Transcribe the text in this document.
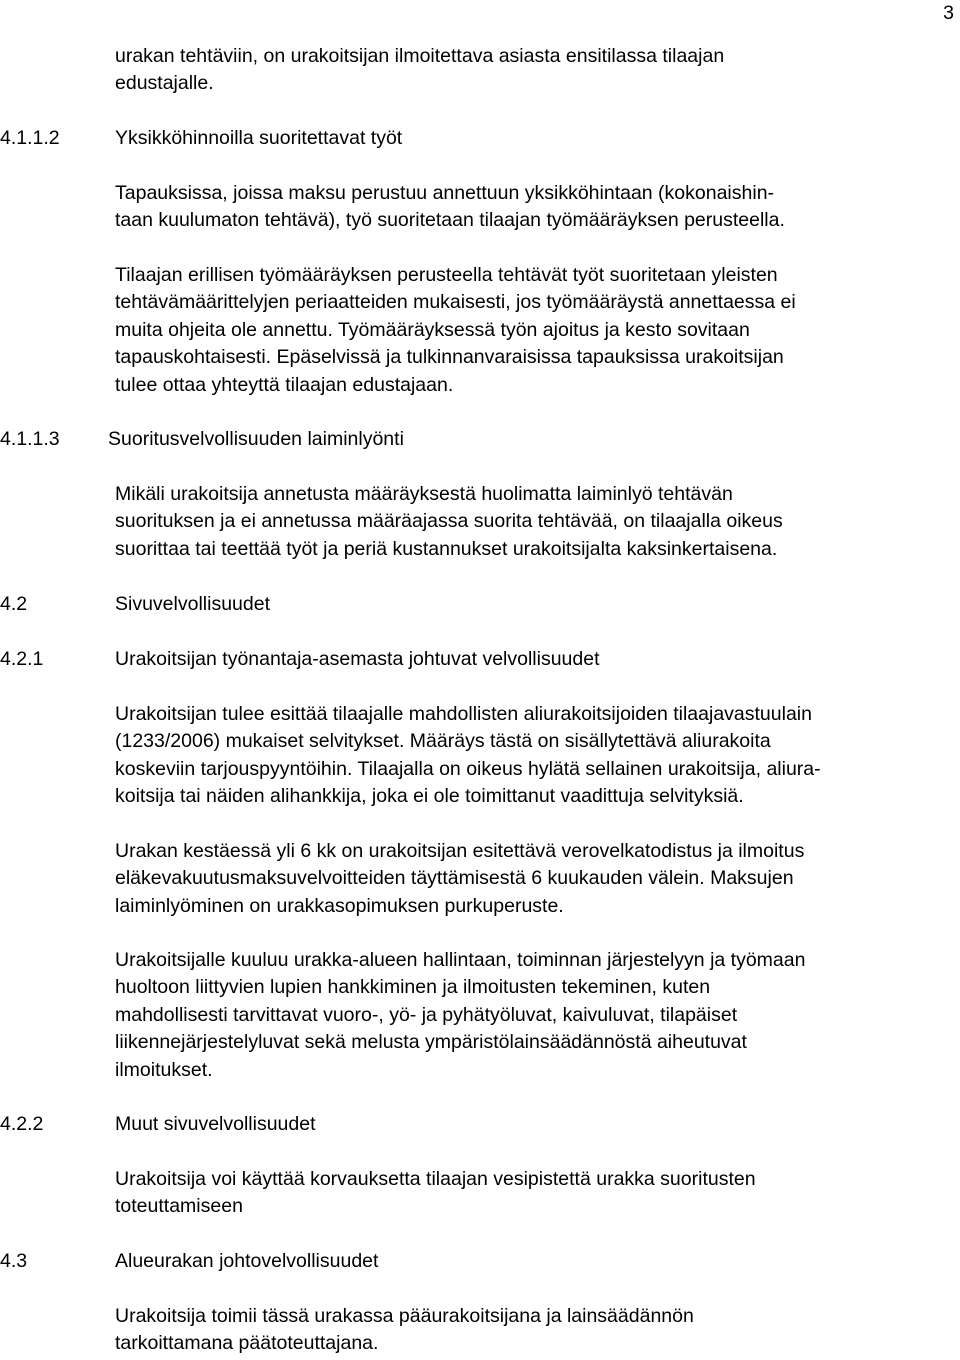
3

urakan tehtäviin, on urakoitsijan ilmoitettava asiasta ensitilassa tilaajan
edustajalle.

4.1.1.2	Yksikköhinnoilla suoritettavat työt

Tapauksissa, joissa maksu perustuu annettuun yksikköhintaan (kokonaishin-
taan kuulumaton tehtävä), työ suoritetaan tilaajan työmääräyksen perusteella.

Tilaajan erillisen työmääräyksen perusteella tehtävät työt suoritetaan yleisten
tehtävämäärittelyjen periaatteiden mukaisesti, jos työmääräystä annettaessa ei
muita ohjeita ole annettu. Työmääräyksessä työn ajoitus ja kesto sovitaan
tapauskohtaisesti. Epäselvissä ja tulkinnanvaraisissa tapauksissa urakoitsijan
tulee ottaa yhteyttä tilaajan edustajaan.

4.1.1.3 Suoritusvelvollisuuden laiminlyönti

Mikäli urakoitsija annetusta määräyksestä huolimatta laiminlyö tehtävän
suorituksen ja ei annetussa määräajassa suorita tehtävää, on tilaajalla oikeus
suorittaa tai teettää työt ja periä kustannukset urakoitsijalta kaksinkertaisena.

4.2	Sivuvelvollisuudet
4.2.1	Urakoitsijan työnantaja-asemasta johtuvat velvollisuudet

Urakoitsijan tulee esittää tilaajalle mahdollisten aliurakoitsijoiden tilaajavastuulain
(1233/2006) mukaiset selvitykset. Määräys tästä on sisällytettävä aliurakoita
koskeviin tarjouspyyntöihin. Tilaajalla on oikeus hylätä sellainen urakoitsija, aliura-
koitsija tai näiden alihankkija, joka ei ole toimittanut vaadittuja selvityksiä.

Urakan kestäessä yli 6 kk on urakoitsijan esitettävä verovelkatodistus ja ilmoitus
eläkevakuutusmaksuvelvoitteiden täyttämisestä 6 kuukauden välein. Maksujen
laiminlyöminen on urakkasopimuksen purkuperuste.

Urakoitsijalle kuuluu urakka-alueen hallintaan, toiminnan järjestelyyn ja työmaan
huoltoon liittyvien lupien hankkiminen ja ilmoitusten tekeminen, kuten
mahdollisesti tarvittavat vuoro-, yö- ja pyhätyöluvat, kaivuluvat, tilapäiset
liikennejärjestelyluvat sekä melusta ympäristölainsäädännöstä aiheutuvat
ilmoitukset.

4.2.2	Muut sivuvelvollisuudet

Urakoitsija voi käyttää korvauksetta tilaajan vesipistettä urakka suoritusten
toteuttamiseen

4.3	Alueurakan johtovelvollisuudet

Urakoitsija toimii tässä urakassa pääurakoitsijana ja lainsäädännön
tarkoittamana päätoteuttajana.
